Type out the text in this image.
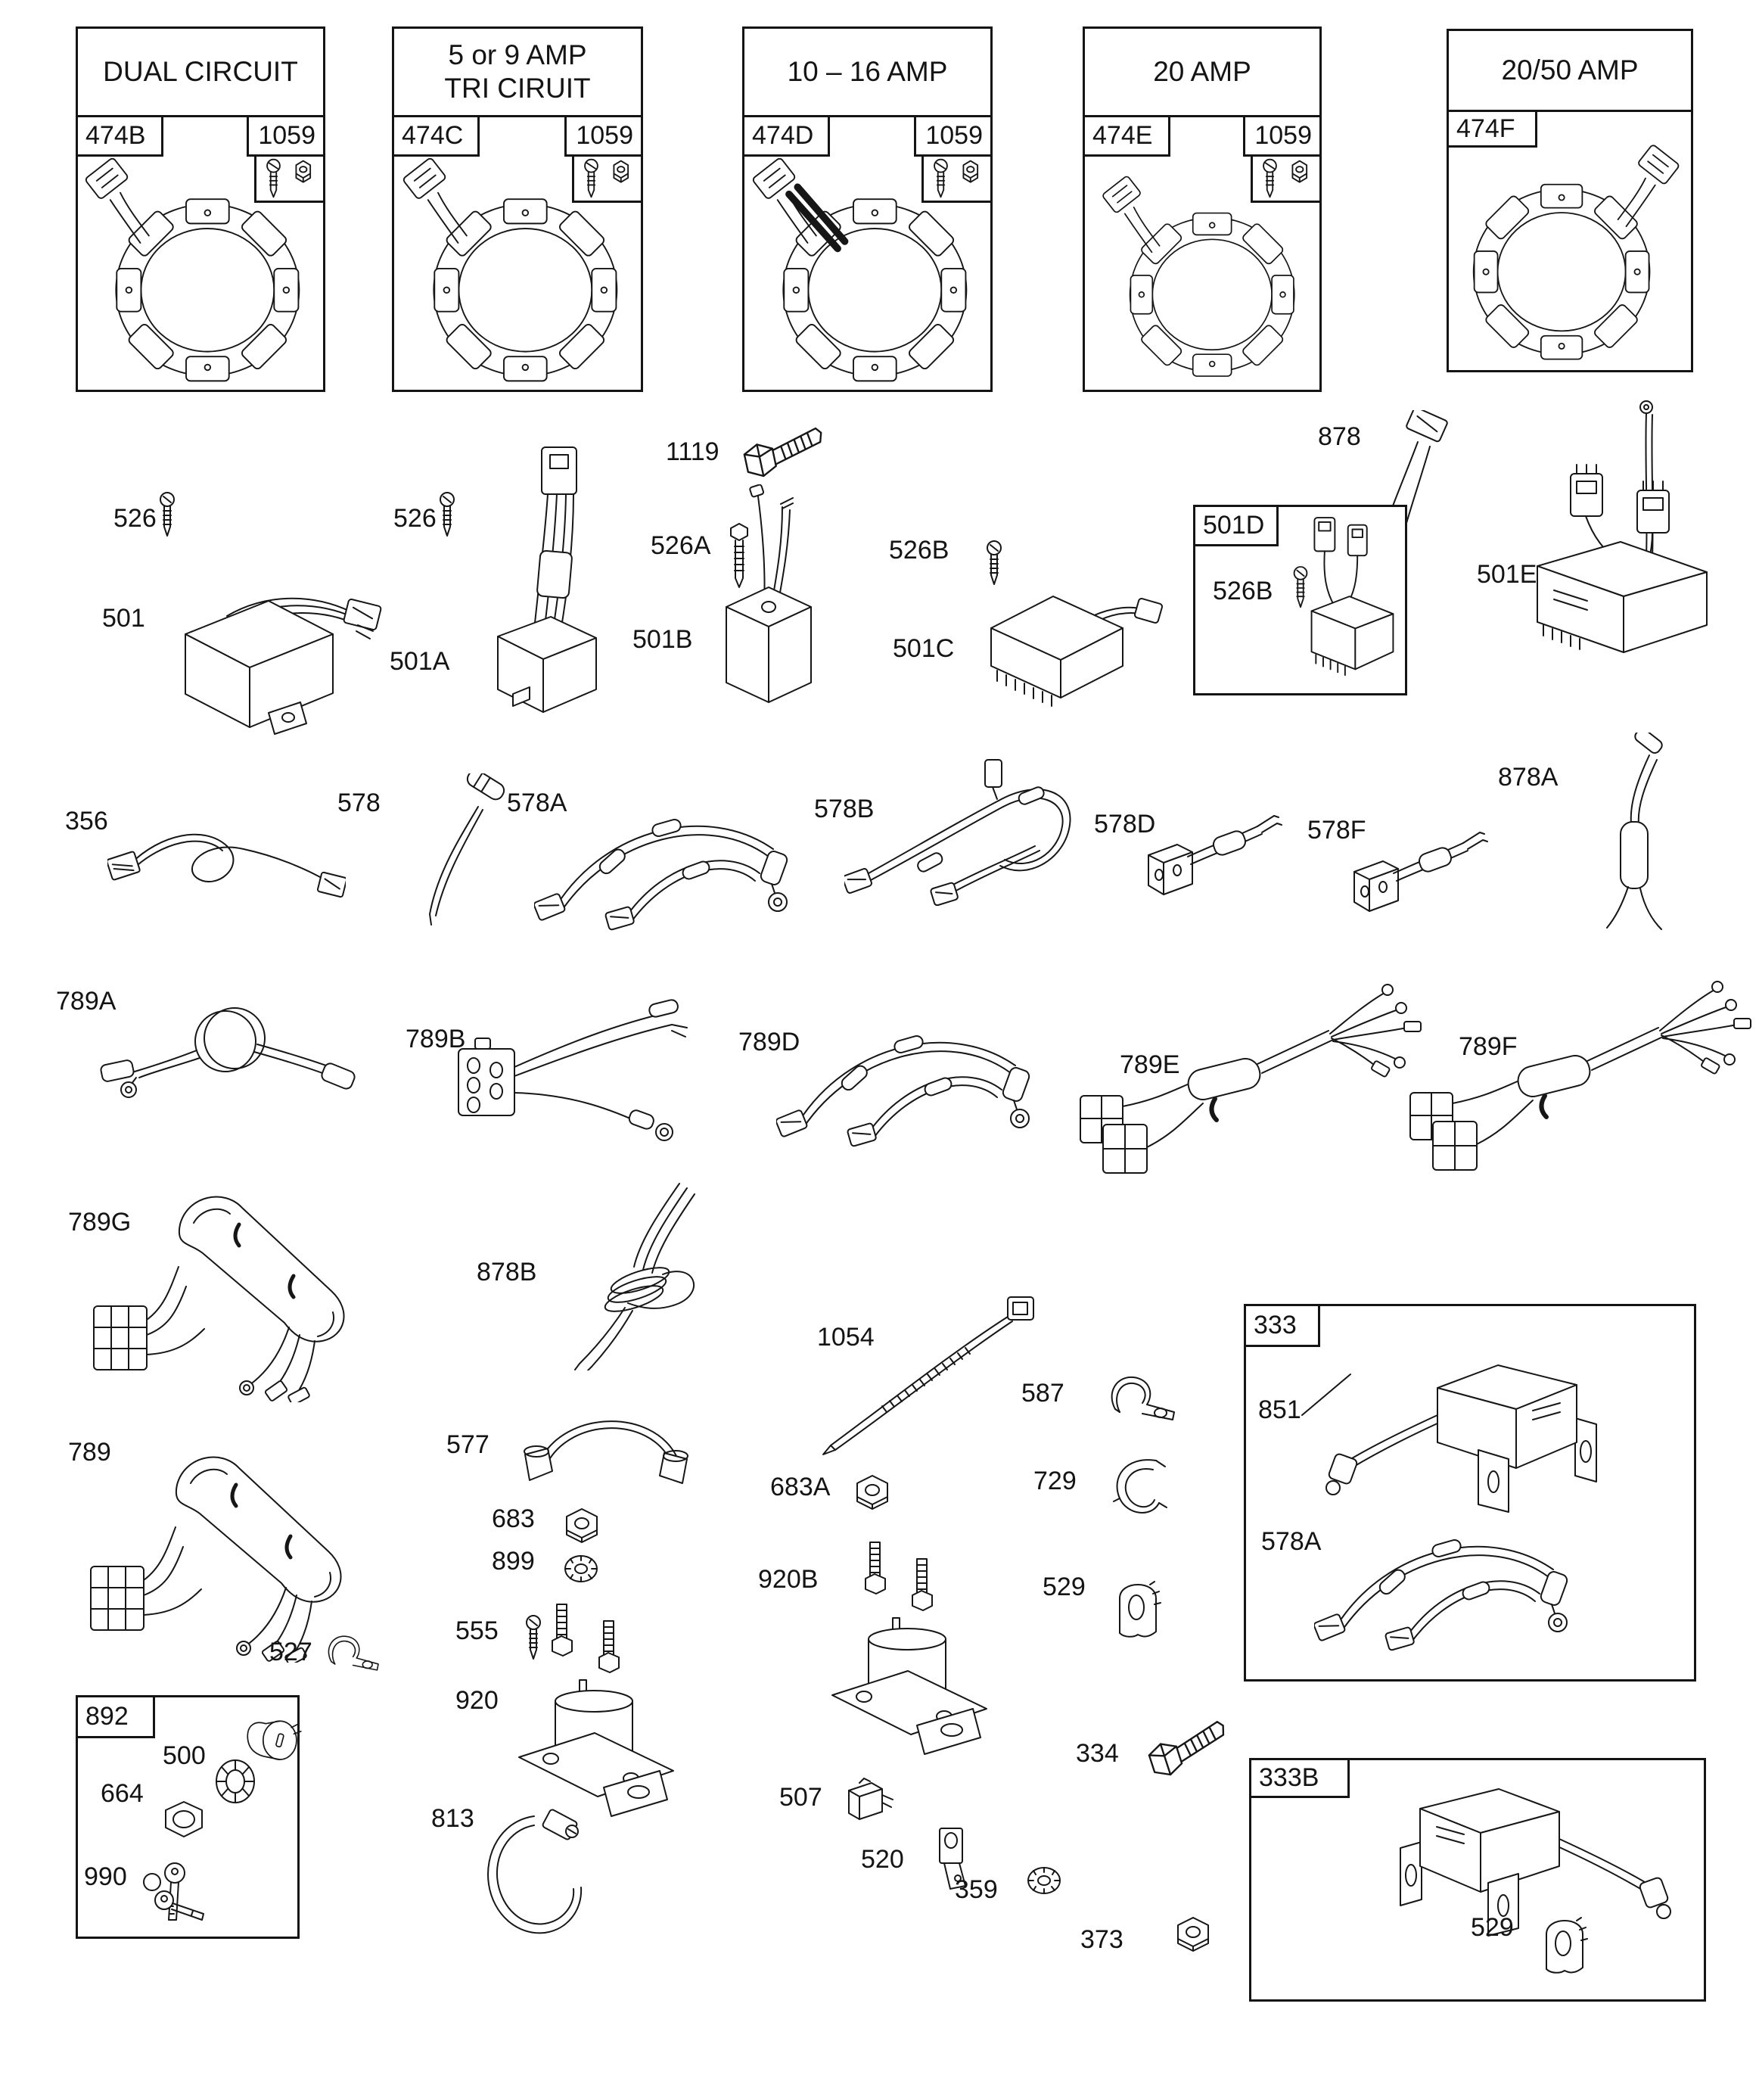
DUAL CIRCUIT
474B	1059
5 or 9 AMP
TRI CIRUIT
474C	1059
10 – 16 AMP
474D	1059
20 AMP
474E	1059
20/50 AMP
474F
1119
878
526
501
526
501A
526A
501B
526B
501C
501D
526B
501E
356
578	578A	578B
578D	578F
878A
789A
789B	789D
789E
789F
789G
878B
1054
587
683A	729
333
851
578A
789	577
683
899
555
920
527
892
500
664
990
813
920B	529
334
507
520
359
373
333B
529
